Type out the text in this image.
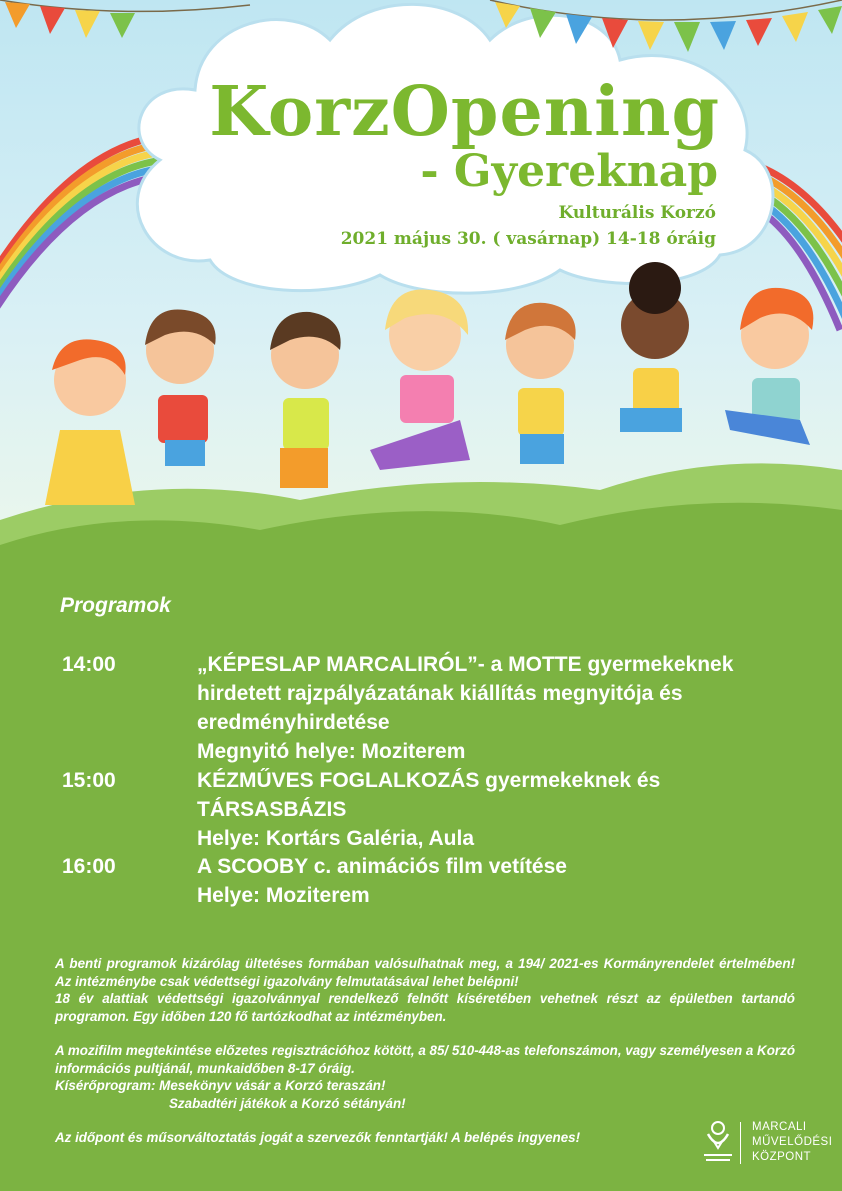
KorzOpening
- Gyereknap
Kulturális Korzó
2021 május 30. ( vasárnap) 14-18 óráig
Programok
14:00	„KÉPESLAP MARCALIRÓL”- a MOTTE gyermekeknek
hirdetett rajzpályázatának kiállítás megnyitója és
eredményhirdetése
Megnyitó helye: Moziterem
15:00	KÉZMŰVES FOGLALKOZÁS gyermekeknek és
TÁRSASBÁZIS
Helye: Kortárs Galéria, Aula
16:00	A SCOOBY c. animációs film vetítése
Helye: Moziterem

A benti programok kizárólag ültetéses formában valósulhatnak meg, a 194/ 2021-es Kormányrendelet értelmében! Az intézménybe csak védettségi igazolvány felmutatásával lehet belépni!

18 év alattiak védettségi igazolvánnyal rendelkező felnőtt kíséretében vehetnek részt az épületben tartandó programon. Egy időben 120 fő tartózkodhat az intézményben.

A mozifilm megtekintése előzetes regisztrációhoz kötött, a 85/ 510-448-as telefonszámon, vagy személyesen a Korzó információs pultjánál, munkaidőben 8-17 óráig.

Kísérőprogram: Mesekönyv vásár a Korzó teraszán!

Szabadtéri játékok a Korzó sétányán!

Az időpont és műsorváltoztatás jogát a szervezők fenntartják! A belépés ingyenes!

MARCALI
MŰVELŐDÉSI
KÖZPONT
